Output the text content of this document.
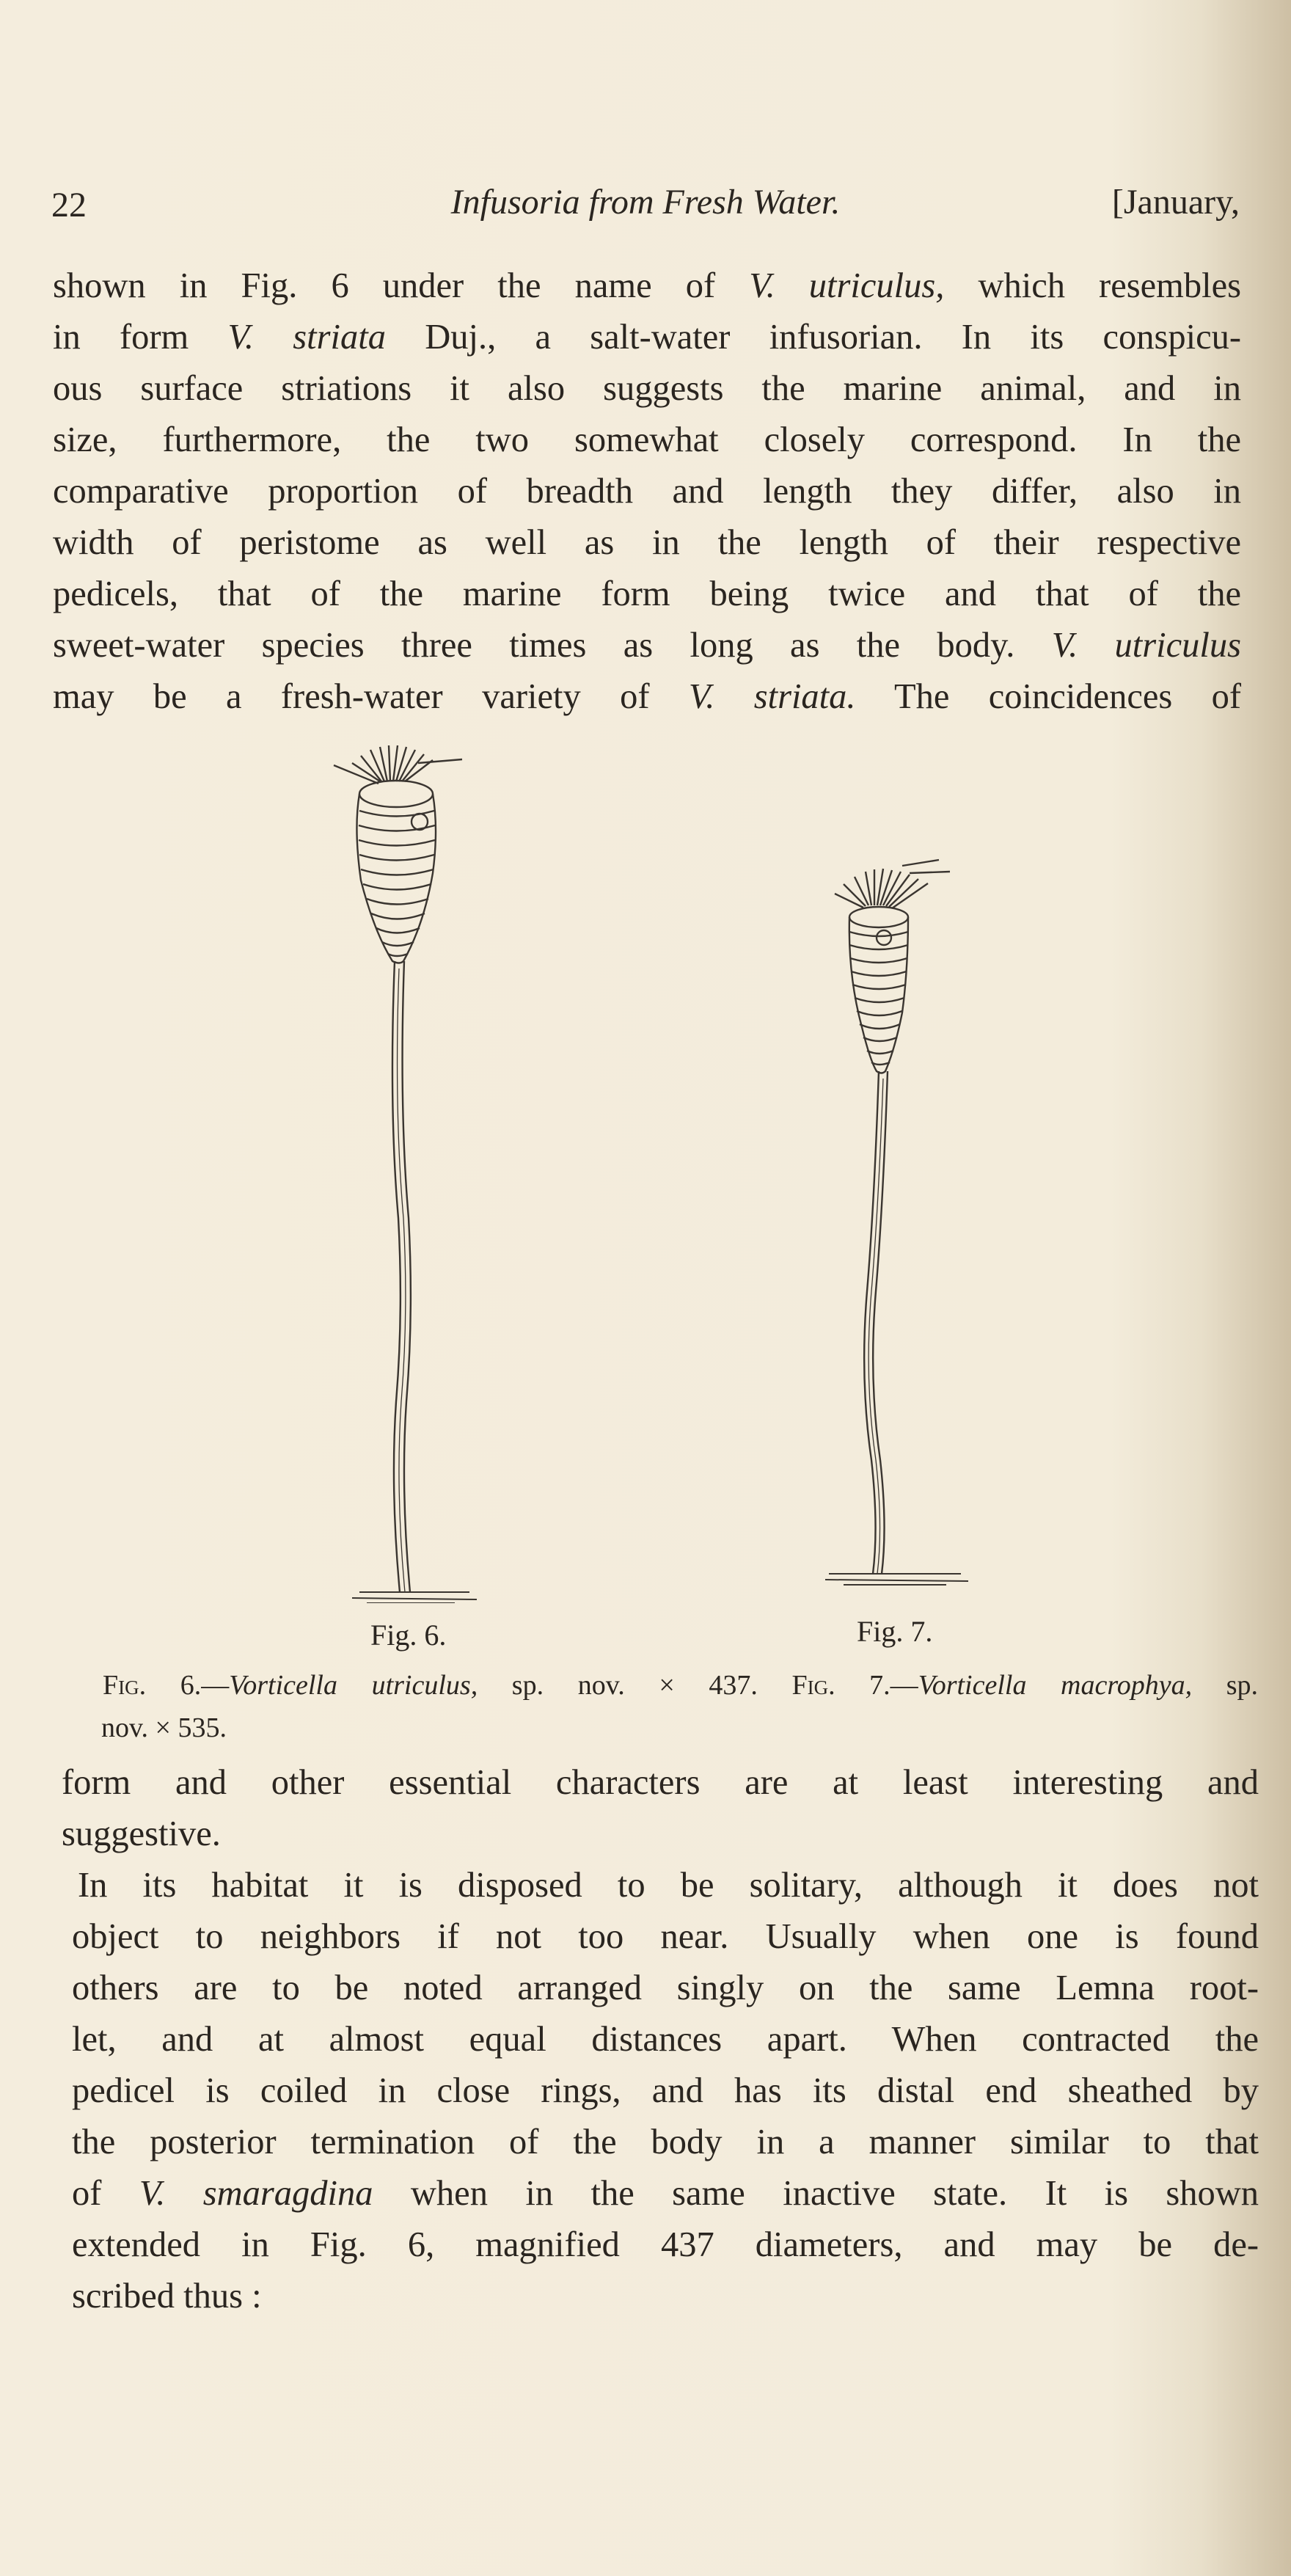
22	Infusoria from Fresh Water.	[January,
shown in Fig. 6 under the name of V. utriculus, which resembles
in form V. striata Duj., a salt-water infusorian. In its conspicu-
ous surface striations it also suggests the marine animal, and in
size, furthermore, the two somewhat closely correspond. In the
comparative proportion of breadth and length they differ, also in
width of peristome as well as in the length of their respective
pedicels, that of the marine form being twice and that of the
sweet-water species three times as long as the body. V. utriculus
may be a fresh-water variety of V. striata. The coincidences of
Fig. 6.	Fig. 7.
Fig. 6.—Vorticella utriculus, sp. nov. × 437. Fig. 7.—Vorticella macrophya, sp.
nov. × 535.
form and other essential characters are at least interesting and
suggestive.
In its habitat it is disposed to be solitary, although it does not
object to neighbors if not too near. Usually when one is found
others are to be noted arranged singly on the same Lemna root-
let, and at almost equal distances apart. When contracted the
pedicel is coiled in close rings, and has its distal end sheathed by
the posterior termination of the body in a manner similar to that
of V. smaragdina when in the same inactive state. It is shown
extended in Fig. 6, magnified 437 diameters, and may be de-
scribed thus :
